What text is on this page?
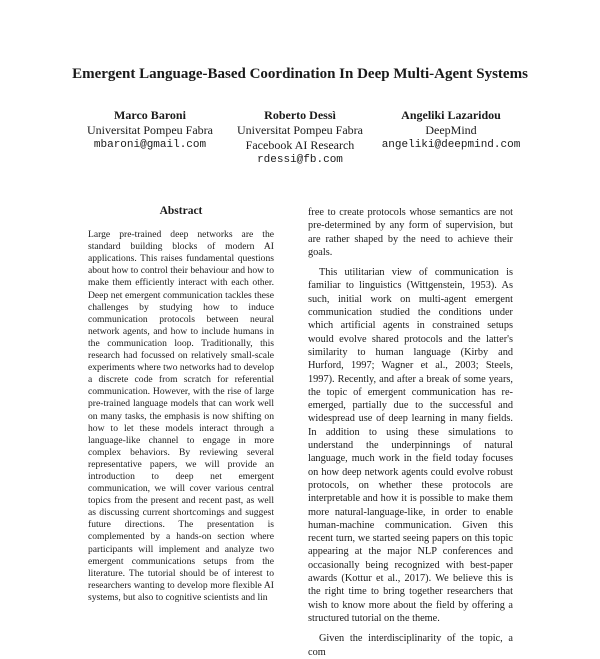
Emergent Language-Based Coordination In Deep Multi-Agent Systems
Marco Baroni
Universitat Pompeu Fabra
mbaroni@gmail.com
Roberto Dessì
Universitat Pompeu Fabra
Facebook AI Research
rdessi@fb.com
Angeliki Lazaridou
DeepMind
angeliki@deepmind.com
Abstract
Large pre-trained deep networks are the standard building blocks of modern AI applications. This raises fundamental questions about how to control their behaviour and how to make them efficiently interact with each other. Deep net emergent communication tackles these challenges by studying how to induce communication protocols between neural network agents, and how to include humans in the communication loop. Traditionally, this research had focussed on relatively small-scale experiments where two networks had to develop a discrete code from scratch for referential communication. However, with the rise of large pre-trained language models that can work well on many tasks, the emphasis is now shifting on how to let these models interact through a language-like channel to engage in more complex behaviors. By reviewing several representative papers, we will provide an introduction to deep net emergent communication, we will cover various central topics from the present and recent past, as well as discussing current shortcomings and suggest future directions. The presentation is complemented by a hands-on section where participants will implement and analyze two emergent communications setups from the literature. The tutorial should be of interest to researchers wanting to develop more flexible AI systems, but also to cognitive scientists and lin

free to create protocols whose semantics are not pre-determined by any form of supervision, but are rather shaped by the need to achieve their goals.

This utilitarian view of communication is familiar to linguistics (Wittgenstein, 1953). As such, initial work on multi-agent emergent communication studied the conditions under which artificial agents in constrained setups would evolve shared protocols and the latter's similarity to human language (Kirby and Hurford, 1997; Wagner et al., 2003; Steels, 1997). Recently, and after a break of some years, the topic of emergent communication has re-emerged, partially due to the successful and widespread use of deep learning in many fields. In addition to using these simulations to understand the underpinnings of natural language, much work in the field today focuses on how deep network agents could evolve robust protocols, on whether these protocols are interpretable and how it is possible to make them more natural-language-like, in order to enable human-machine communication. Given this recent turn, we started seeing papers on this topic appearing at the major NLP conferences and occasionally being recognized with best-paper awards (Kottur et al., 2017). We believe this is the right time to bring together researchers that wish to know more about the field by offering a structured tutorial on the theme.

Given the interdisciplinarity of the topic, a com
